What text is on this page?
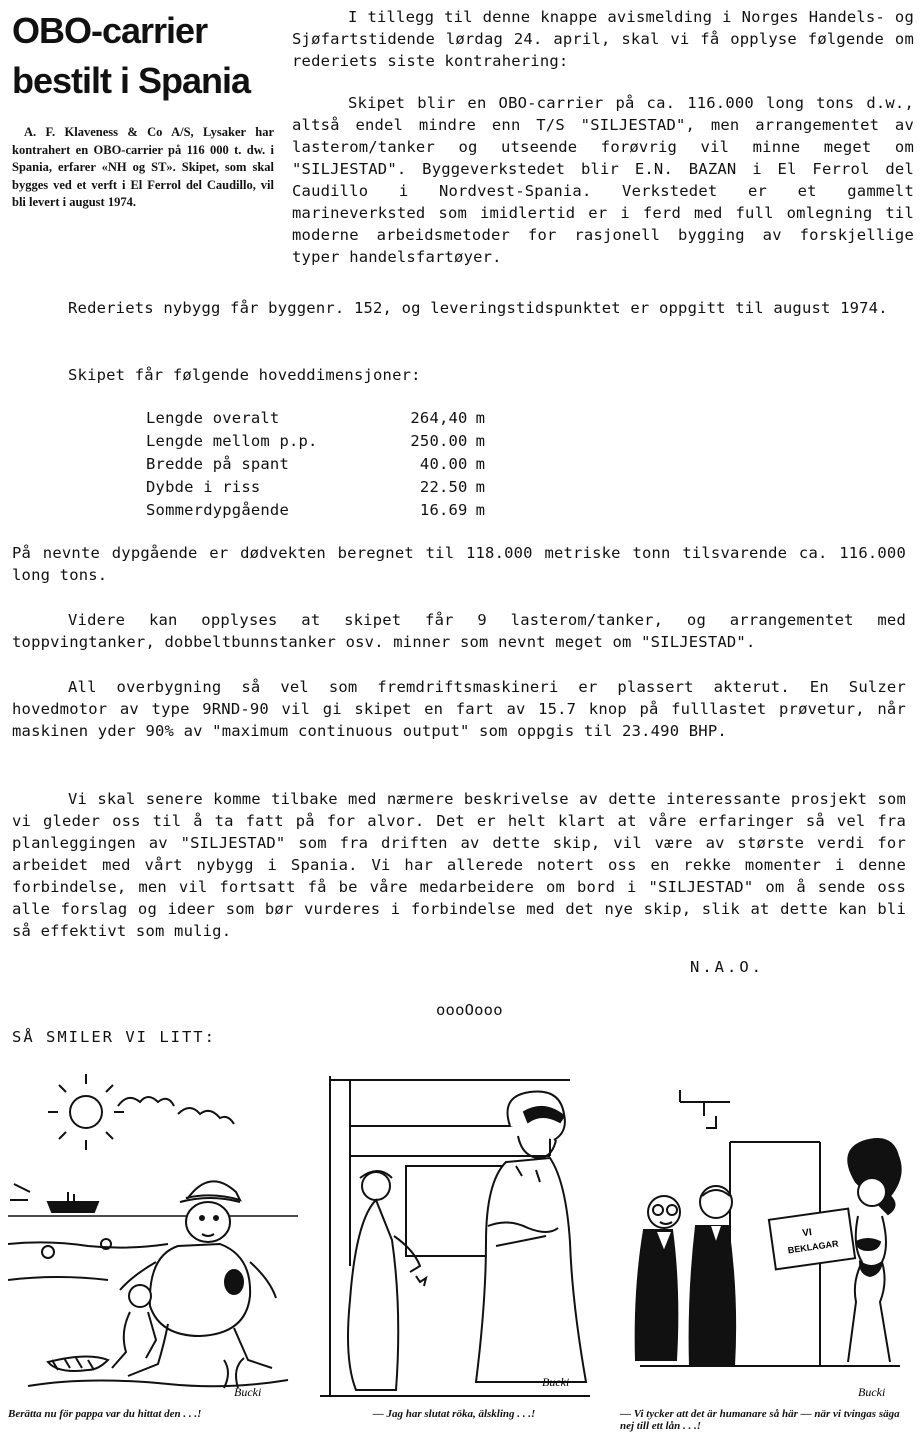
OBO-carrier
bestilt i Spania
A. F. Klaveness & Co A/S, Lysaker har kontrahert en OBO-carrier på 116 000 t. dw. i Spania, erfarer «NH og ST». Skipet, som skal bygges ved et verft i El Ferrol del Caudillo, vil bli levert i august 1974.

I tillegg til denne knappe avismelding i Norges Handels- og Sjøfartstidende lørdag 24. april, skal vi få opplyse følgende om rederiets siste kontrahering:

Skipet blir en OBO-carrier på ca. 116.000 long tons d.w., altså endel mindre enn T/S "SILJESTAD", men arrangementet av lasterom/tanker og utseende forøvrig vil minne meget om "SILJESTAD". Byggeverkstedet blir E.N. BAZAN i El Ferrol del Caudillo i Nordvest-Spania. Verkstedet er et gammelt marineverksted som imidlertid er i ferd med full omlegning til moderne arbeidsmetoder for rasjonell bygging av forskjellige typer handelsfartøyer.

Rederiets nybygg får byggenr. 152, og leveringstidspunktet er oppgitt til august 1974.

Skipet får følgende hoveddimensjoner:

Lengde overalt	264,40	m
Lengde mellom p.p.	250.00	m
Bredde på spant	40.00	m
Dybde i riss	22.50	m
Sommerdypgående	16.69	m

På nevnte dypgående er dødvekten beregnet til 118.000 metriske tonn tilsvarende ca. 116.000 long tons.

Videre kan opplyses at skipet får 9 lasterom/tanker, og arrangementet med toppvingtanker, dobbeltbunnstanker osv. minner som nevnt meget om "SILJESTAD".

All overbygning så vel som fremdriftsmaskineri er plassert akterut. En Sulzer hovedmotor av type 9RND-90 vil gi skipet en fart av 15.7 knop på fulllastet prøvetur, når maskinen yder 90% av "maximum continuous output" som oppgis til 23.490 BHP.

Vi skal senere komme tilbake med nærmere beskrivelse av dette interessante prosjekt som vi gleder oss til å ta fatt på for alvor. Det er helt klart at våre erfaringer så vel fra planleggingen av "SILJESTAD" som fra driften av dette skip, vil være av største verdi for arbeidet med vårt nybygg i Spania. Vi har allerede notert oss en rekke momenter i denne forbindelse, men vil fortsatt få be våre medarbeidere om bord i "SILJESTAD" om å sende oss alle forslag og ideer som bør vurderes i forbindelse med det nye skip, slik at dette kan bli så effektivt som mulig.

N.A.O.
oooOooo
SÅ SMILER VI LITT:
Bucki
Berätta nu för pappa var du hittat den . . .!
Bucki
— Jag har slutat röka, älskling . . .!
VI
BEKLAGAR
Bucki
— Vi tycker att det är humanare så här — när vi tvingas säga nej till ett lån . . .!
